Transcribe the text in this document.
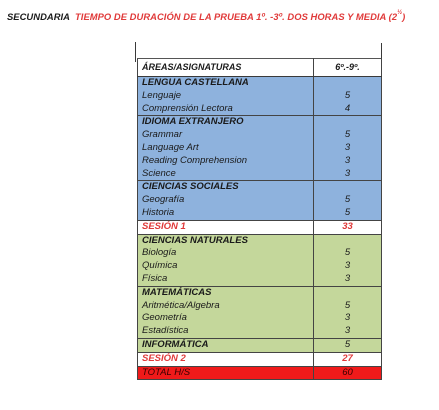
SECUNDARIA TIEMPO DE DURACIÓN DE LA PRUEBA 1º. -3º. DOS HORAS Y MEDIA $(2^{\frac{1}{2}})$
ÁREAS/ASIGNATURAS	6º.-9º.
LENGUA CASTELLANA	
Lenguaje	5
Comprensión Lectora	4
IDIOMA EXTRANJERO	
Grammar	5
Language Art	3
Reading Comprehension	3
Science	3
CIENCIAS SOCIALES	
Geografía	5
Historia	5
SESIÓN 1	33
CIENCIAS NATURALES	
Biología	5
Química	3
Física	3
MATEMÁTICAS	
Aritmética/Algebra	5
Geometría	3
Estadística	3
INFORMÁTICA	5
SESIÓN 2	27
TOTAL H/S	60
